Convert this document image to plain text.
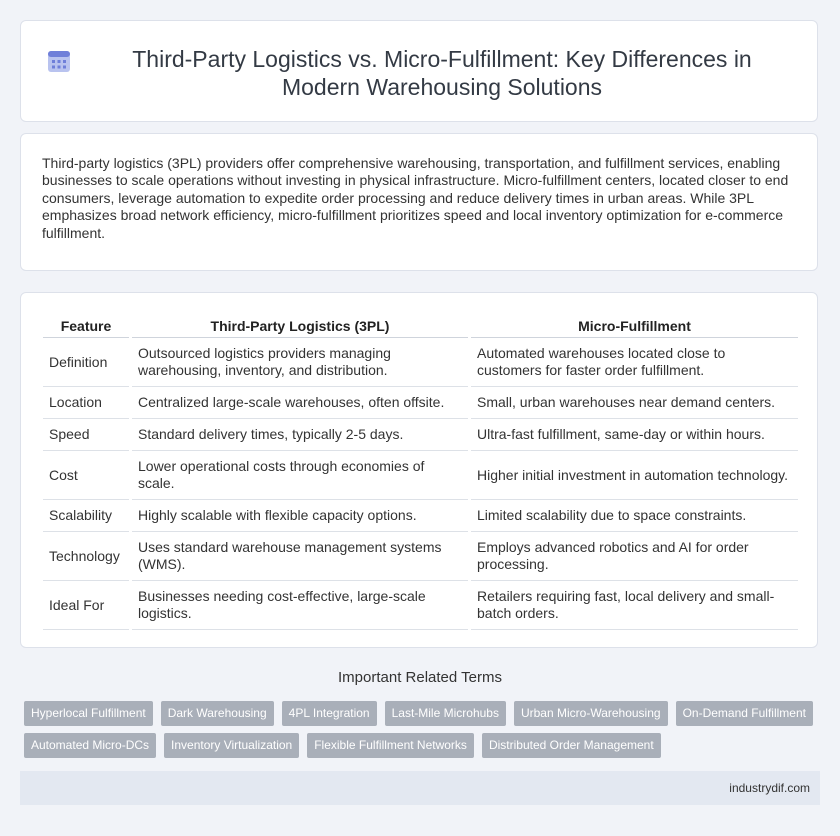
Third-Party Logistics vs. Micro-Fulfillment: Key Differences in Modern Warehousing Solutions

Third-party logistics (3PL) providers offer comprehensive warehousing, transportation, and fulfillment services, enabling businesses to scale operations without investing in physical infrastructure. Micro-fulfillment centers, located closer to end consumers, leverage automation to expedite order processing and reduce delivery times in urban areas. While 3PL emphasizes broad network efficiency, micro-fulfillment prioritizes speed and local inventory optimization for e-commerce fulfillment.

Feature	Third-Party Logistics (3PL)	Micro-Fulfillment
Definition	Outsourced logistics providers managing warehousing, inventory, and distribution.	Automated warehouses located close to customers for faster order fulfillment.
Location	Centralized large-scale warehouses, often offsite.	Small, urban warehouses near demand centers.
Speed	Standard delivery times, typically 2-5 days.	Ultra-fast fulfillment, same-day or within hours.
Cost	Lower operational costs through economies of scale.	Higher initial investment in automation technology.
Scalability	Highly scalable with flexible capacity options.	Limited scalability due to space constraints.
Technology	Uses standard warehouse management systems (WMS).	Employs advanced robotics and AI for order processing.
Ideal For	Businesses needing cost-effective, large-scale logistics.	Retailers requiring fast, local delivery and small-batch orders.
Important Related Terms
Hyperlocal Fulfillment	Dark Warehousing	4PL Integration	Last-Mile Microhubs	Urban Micro-Warehousing	On-Demand Fulfillment
Automated Micro-DCs	Inventory Virtualization	Flexible Fulfillment Networks	Distributed Order Management
industrydif.com
